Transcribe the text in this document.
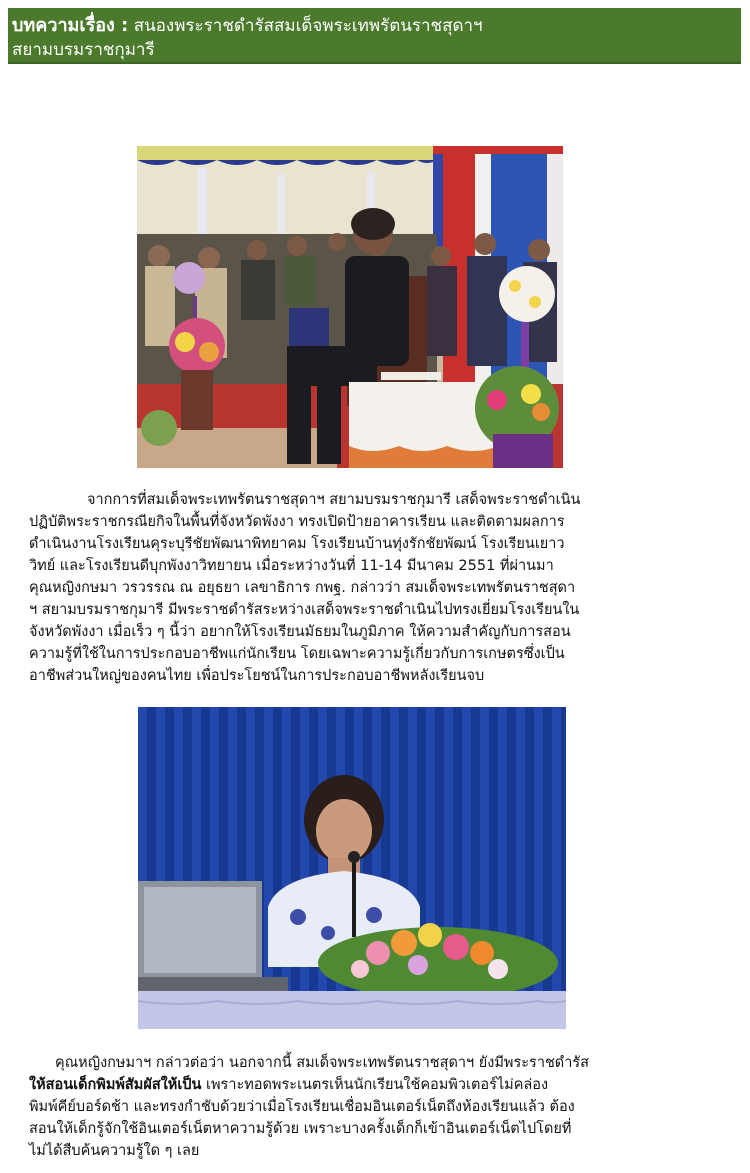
บทความเรื่อง : สนองพระราชดำรัสสมเด็จพระเทพรัตนราชสุดาฯ
สยามบรมราชกุมารี

จากการที่สมเด็จพระเทพรัตนราชสุดาฯ สยามบรมราชกุมารี เสด็จพระราชดำเนิน
ปฏิบัติพระราชกรณียกิจในพื้นที่จังหวัดพังงา ทรงเปิดป้ายอาคารเรียน และติดตามผลการ
ดำเนินงานโรงเรียนคุระบุรีชัยพัฒนาพิทยาคม โรงเรียนบ้านทุ่งรักชัยพัฒน์ โรงเรียนเยาว
วิทย์ และโรงเรียนดีบุกพังงาวิทยายน เมื่อระหว่างวันที่ 11-14 มีนาคม 2551 ที่ผ่านมา
คุณหญิงกษมา วรวรรณ ณ อยุธยา เลขาธิการ กพฐ. กล่าวว่า สมเด็จพระเทพรัตนราชสุดา
ฯ สยามบรมราชกุมารี มีพระราชดำรัสระหว่างเสด็จพระราชดำเนินไปทรงเยี่ยมโรงเรียนใน
จังหวัดพังงา เมื่อเร็ว ๆ นี้ว่า อยากให้โรงเรียนมัธยมในภูมิภาค ให้ความสำคัญกับการสอน
ความรู้ที่ใช้ในการประกอบอาชีพแก่นักเรียน โดยเฉพาะความรู้เกี่ยวกับการเกษตรซึ่งเป็น
อาชีพส่วนใหญ่ของคนไทย เพื่อประโยชน์ในการประกอบอาชีพหลังเรียนจบ

คุณหญิงกษมาฯ กล่าวต่อว่า นอกจากนี้ สมเด็จพระเทพรัตนราชสุดาฯ ยังมีพระราชดำรัส
ให้สอนเด็กพิมพ์สัมผัสให้เป็น เพราะทอดพระเนตรเห็นนักเรียนใช้คอมพิวเตอร์ไม่คล่อง
พิมพ์คีย์บอร์ดช้า และทรงกำชับด้วยว่าเมื่อโรงเรียนเชื่อมอินเตอร์เน็ตถึงห้องเรียนแล้ว ต้อง
สอนให้เด็กรู้จักใช้อินเตอร์เน็ตหาความรู้ด้วย เพราะบางครั้งเด็กก็เข้าอินเตอร์เน็ตไปโดยที่
ไม่ได้สืบค้นความรู้ใด ๆ เลย
